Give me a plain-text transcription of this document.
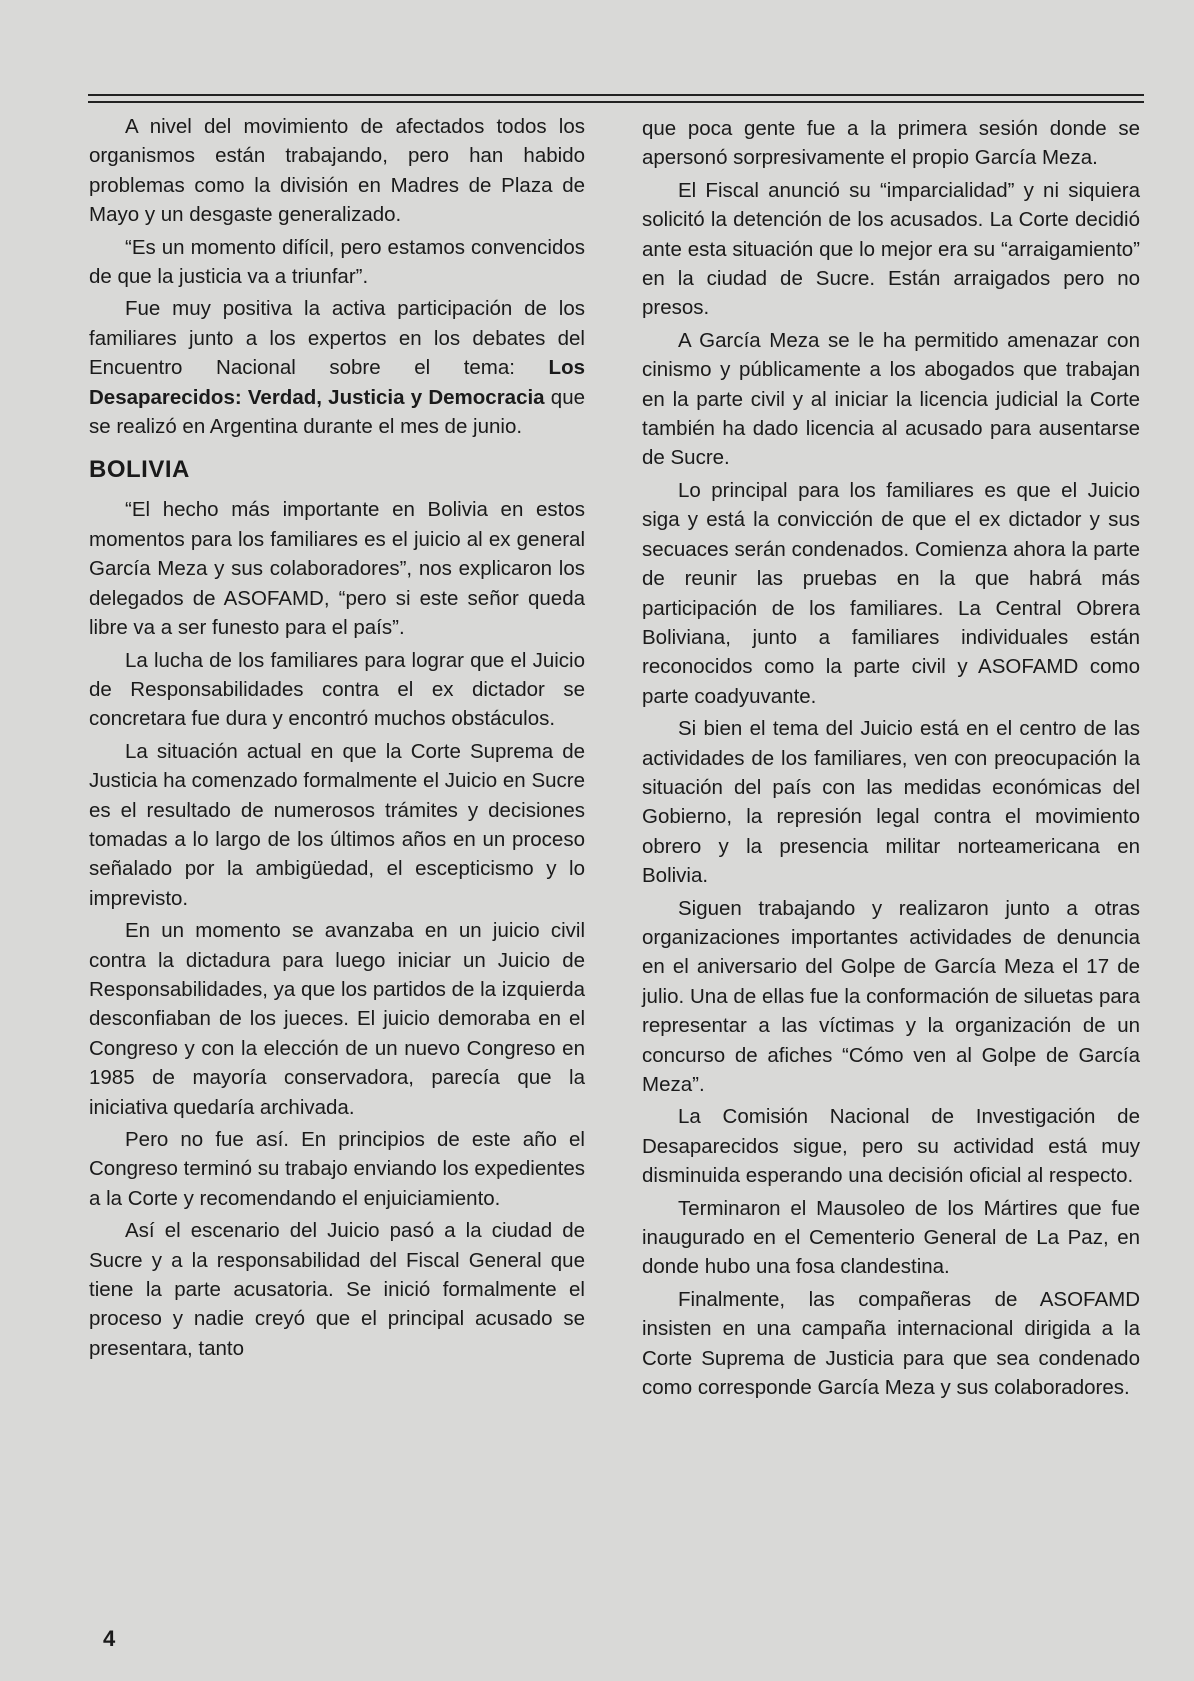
A nivel del movimiento de afectados todos los organismos están trabajando, pero han habido problemas como la división en Madres de Plaza de Mayo y un desgaste generalizado.

“Es un momento difícil, pero estamos convencidos de que la justicia va a triunfar”.

Fue muy positiva la activa participación de los familiares junto a los expertos en los debates del Encuentro Nacional sobre el tema: Los Desaparecidos: Verdad, Justicia y Democracia que se realizó en Argentina durante el mes de junio.

BOLIVIA

“El hecho más importante en Bolivia en estos momentos para los familiares es el juicio al ex general García Meza y sus colaboradores”, nos explicaron los delegados de ASOFAMD, “pero si este señor queda libre va a ser funesto para el país”.

La lucha de los familiares para lograr que el Juicio de Responsabilidades contra el ex dictador se concretara fue dura y encontró muchos obstáculos.

La situación actual en que la Corte Suprema de Justicia ha comenzado formalmente el Juicio en Sucre es el resultado de numerosos trámites y decisiones tomadas a lo largo de los últimos años en un proceso señalado por la ambigüedad, el escepticismo y lo imprevisto.

En un momento se avanzaba en un juicio civil contra la dictadura para luego iniciar un Juicio de Responsabilidades, ya que los partidos de la izquierda desconfiaban de los jueces. El juicio demoraba en el Congreso y con la elección de un nuevo Congreso en 1985 de mayoría conservadora, parecía que la iniciativa quedaría archivada.

Pero no fue así. En principios de este año el Congreso terminó su trabajo enviando los expedientes a la Corte y recomendando el enjuiciamiento.

Así el escenario del Juicio pasó a la ciudad de Sucre y a la responsabilidad del Fiscal General que tiene la parte acusatoria. Se inició formalmente el proceso y nadie creyó que el principal acusado se presentara, tanto

que poca gente fue a la primera sesión donde se apersonó sorpresivamente el propio García Meza.

El Fiscal anunció su “imparcialidad” y ni siquiera solicitó la detención de los acusados. La Corte decidió ante esta situación que lo mejor era su “arraigamiento” en la ciudad de Sucre. Están arraigados pero no presos.

A García Meza se le ha permitido amenazar con cinismo y públicamente a los abogados que trabajan en la parte civil y al iniciar la licencia judicial la Corte también ha dado licencia al acusado para ausentarse de Sucre.

Lo principal para los familiares es que el Juicio siga y está la convicción de que el ex dictador y sus secuaces serán condenados. Comienza ahora la parte de reunir las pruebas en la que habrá más participación de los familiares. La Central Obrera Boliviana, junto a familiares individuales están reconocidos como la parte civil y ASOFAMD como parte coadyuvante.

Si bien el tema del Juicio está en el centro de las actividades de los familiares, ven con preocupación la situación del país con las medidas económicas del Gobierno, la represión legal contra el movimiento obrero y la presencia militar norteamericana en Bolivia.

Siguen trabajando y realizaron junto a otras organizaciones importantes actividades de denuncia en el aniversario del Golpe de García Meza el 17 de julio. Una de ellas fue la conformación de siluetas para representar a las víctimas y la organización de un concurso de afiches “Cómo ven al Golpe de García Meza”.

La Comisión Nacional de Investigación de Desaparecidos sigue, pero su actividad está muy disminuida esperando una decisión oficial al respecto.

Terminaron el Mausoleo de los Mártires que fue inaugurado en el Cementerio General de La Paz, en donde hubo una fosa clandestina.

Finalmente, las compañeras de ASOFAMD insisten en una campaña internacional dirigida a la Corte Suprema de Justicia para que sea condenado como corresponde García Meza y sus colaboradores.

4
